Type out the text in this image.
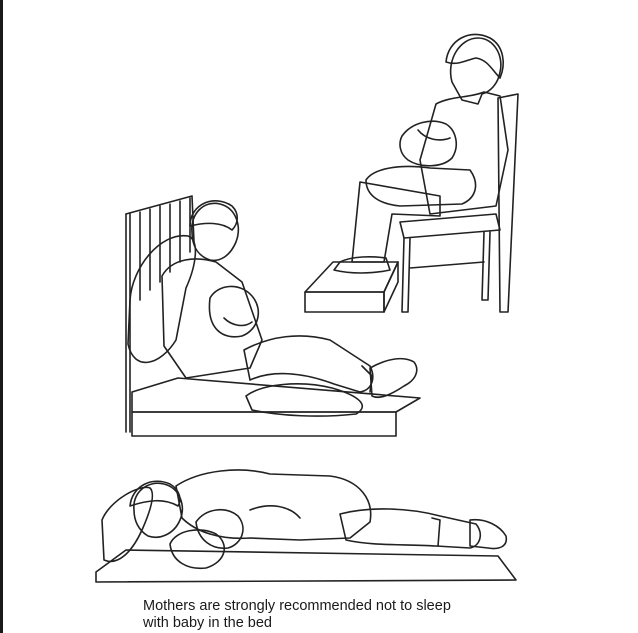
Mothers are strongly recommended not to sleep
with baby in the bed
